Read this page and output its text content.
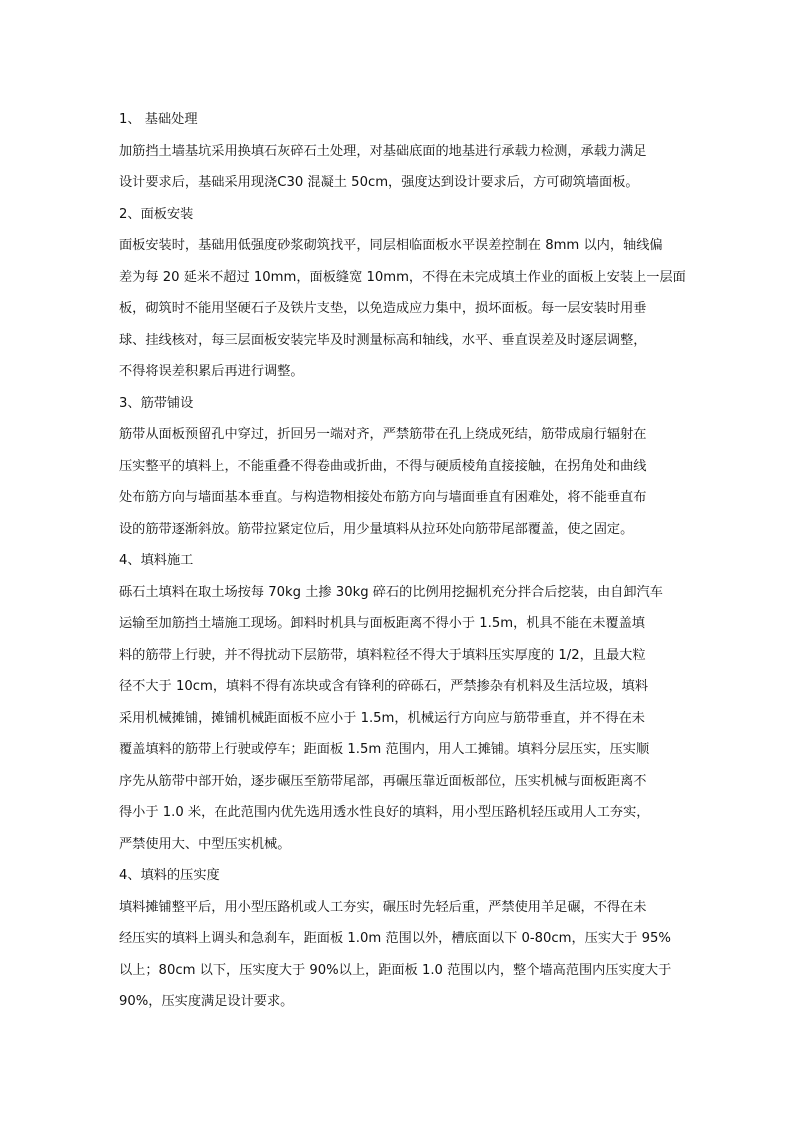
1、 基础处理
加筋挡土墙基坑采用换填石灰碎石土处理，对基础底面的地基进行承载力检测，承载力满足
设计要求后，基础采用现浇C30 混凝土 50cm，强度达到设计要求后，方可砌筑墙面板。
2、面板安装
面板安装时，基础用低强度砂浆砌筑找平，同层相临面板水平误差控制在 8mm 以内，轴线偏
差为每 20 延米不超过 10mm，面板缝宽 10mm，不得在未完成填土作业的面板上安装上一层面
板，砌筑时不能用坚硬石子及铁片支垫，以免造成应力集中，损坏面板。每一层安装时用垂
球、挂线核对，每三层面板安装完毕及时测量标高和轴线，水平、垂直误差及时逐层调整，
不得将误差积累后再进行调整。
3、筋带铺设
筋带从面板预留孔中穿过，折回另一端对齐，严禁筋带在孔上绕成死结，筋带成扇行辐射在
压实整平的填料上，不能重叠不得卷曲或折曲，不得与硬质棱角直接接触，在拐角处和曲线
处布筋方向与墙面基本垂直。与构造物相接处布筋方向与墙面垂直有困难处，将不能垂直布
设的筋带逐渐斜放。筋带拉紧定位后，用少量填料从拉环处向筋带尾部覆盖，使之固定。
4、填料施工
砾石土填料在取土场按每 70kg 土掺 30kg 碎石的比例用挖掘机充分拌合后挖装，由自卸汽车
运输至加筋挡土墙施工现场。卸料时机具与面板距离不得小于 1.5m，机具不能在未覆盖填
料的筋带上行驶，并不得扰动下层筋带，填料粒径不得大于填料压实厚度的 1/2，且最大粒
径不大于 10cm，填料不得有冻块或含有锋利的碎砾石，严禁掺杂有机料及生活垃圾，填料
采用机械摊铺，摊铺机械距面板不应小于 1.5m，机械运行方向应与筋带垂直，并不得在未
覆盖填料的筋带上行驶或停车；距面板 1.5m 范围内，用人工摊铺。填料分层压实，压实顺
序先从筋带中部开始，逐步碾压至筋带尾部，再碾压靠近面板部位，压实机械与面板距离不
得小于 1.0 米，在此范围内优先选用透水性良好的填料，用小型压路机轻压或用人工夯实，
严禁使用大、中型压实机械。
4、填料的压实度
填料摊铺整平后，用小型压路机或人工夯实，碾压时先轻后重，严禁使用羊足碾，不得在未
经压实的填料上调头和急刹车，距面板 1.0m 范围以外，槽底面以下 0-80cm，压实大于 95%
以上；80cm 以下，压实度大于 90%以上，距面板 1.0 范围以内，整个墙高范围内压实度大于
90%，压实度满足设计要求。
